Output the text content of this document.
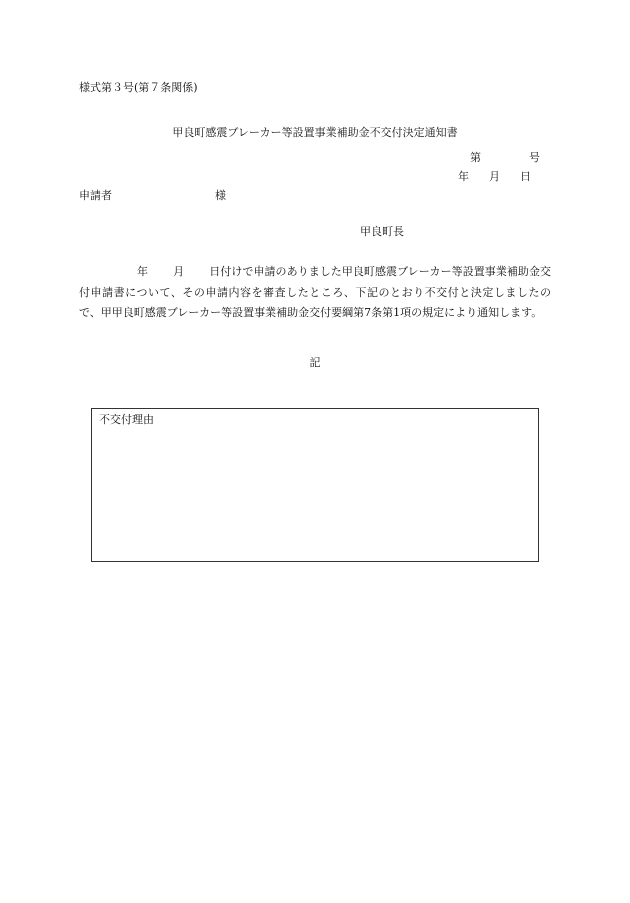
様式第３号(第７条関係)
甲良町感震ブレーカー等設置事業補助金不交付決定通知書
第	号
年 月 日
申請者	様
甲良町長
年 月 日付けで申請のありました甲良町感震ブレーカー等設置事業補助金交付申請書について、その申請内容を審査したところ、下記のとおり不交付と決定しましたので、甲甲良町感震ブレーカー等設置事業補助金交付要綱第7条第1項の規定により通知します。
記
不交付理由
